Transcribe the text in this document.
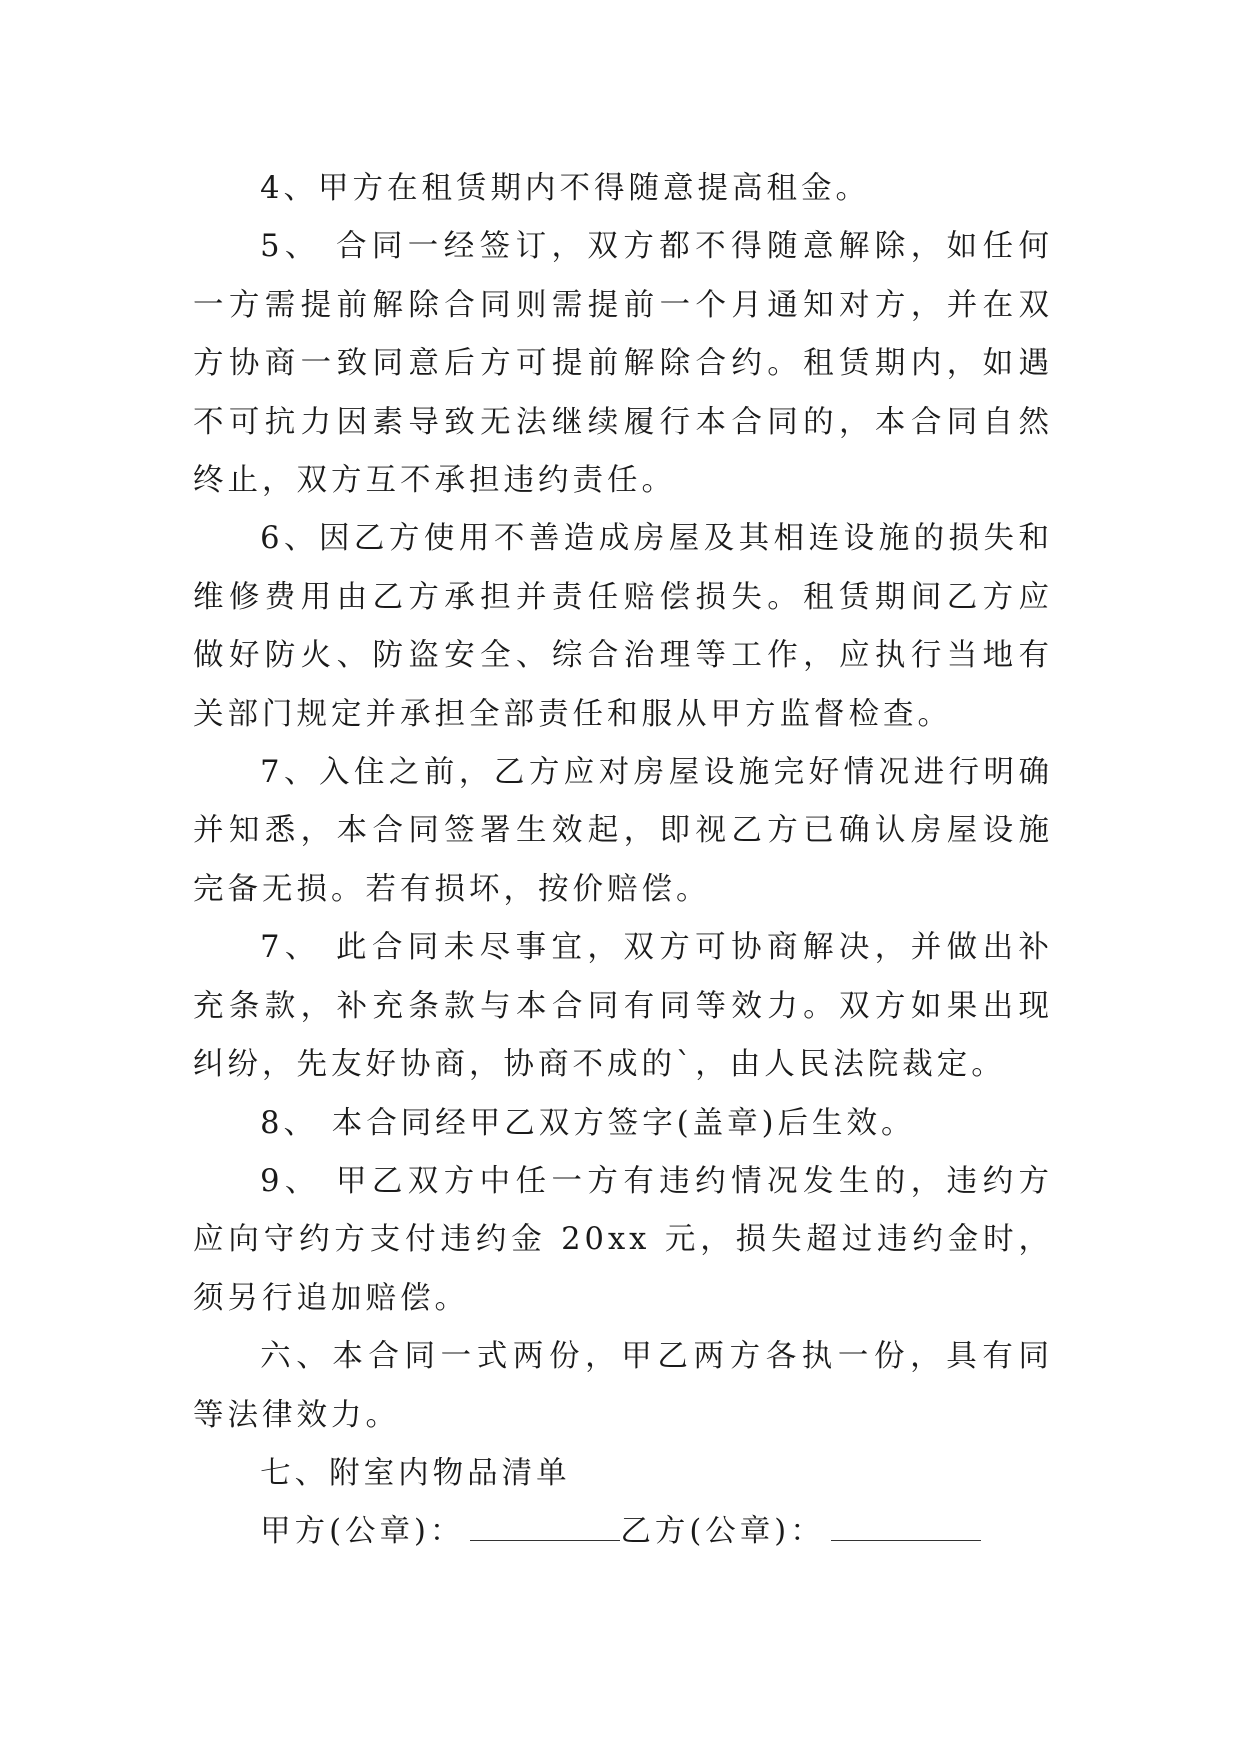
4、甲方在租赁期内不得随意提高租金。

5、 合同一经签订，双方都不得随意解除，如任何一方需提前解除合同则需提前一个月通知对方，并在双方协商一致同意后方可提前解除合约。租赁期内，如遇不可抗力因素导致无法继续履行本合同的，本合同自然终止，双方互不承担违约责任。

6、因乙方使用不善造成房屋及其相连设施的损失和维修费用由乙方承担并责任赔偿损失。租赁期间乙方应做好防火、防盗安全、综合治理等工作，应执行当地有关部门规定并承担全部责任和服从甲方监督检查。

7、入住之前，乙方应对房屋设施完好情况进行明确并知悉，本合同签署生效起，即视乙方已确认房屋设施完备无损。若有损坏，按价赔偿。

7、 此合同未尽事宜，双方可协商解决，并做出补充条款，补充条款与本合同有同等效力。双方如果出现纠纷，先友好协商，协商不成的`，由人民法院裁定。

8、 本合同经甲乙双方签字(盖章)后生效。

9、 甲乙双方中任一方有违约情况发生的，违约方应向守约方支付违约金 20xx 元，损失超过违约金时，须另行追加赔偿。

六、本合同一式两份，甲乙两方各执一份，具有同等法律效力。

七、附室内物品清单

甲方(公章)：	乙方(公章)：
